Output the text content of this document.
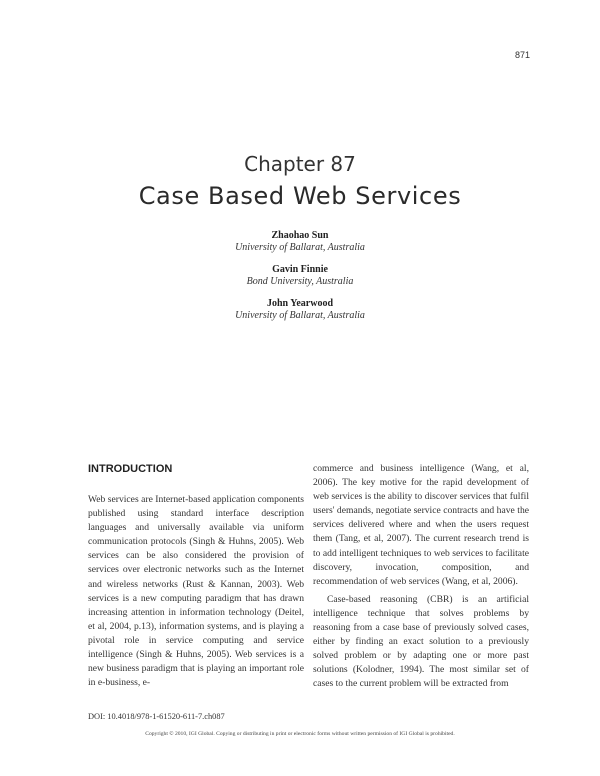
871
Chapter 87
Case Based Web Services
Zhaohao Sun
University of Ballarat, Australia
Gavin Finnie
Bond University, Australia
John Yearwood
University of Ballarat, Australia
INTRODUCTION

Web services are Internet-based application components published using standard interface description languages and universally available via uniform communication protocols (Singh & Huhns, 2005). Web services can be also considered the provision of services over electronic networks such as the Internet and wireless networks (Rust & Kannan, 2003). Web services is a new computing paradigm that has drawn increasing attention in information technology (Deitel, et al, 2004, p.13), information systems, and is playing a pivotal role in service computing and service intelligence (Singh & Huhns, 2005). Web services is a new business paradigm that is playing an important role in e-business, e-

commerce and business intelligence (Wang, et al, 2006). The key motive for the rapid development of web services is the ability to discover services that fulfil users' demands, negotiate service contracts and have the services delivered where and when the users request them (Tang, et al, 2007). The current research trend is to add intelligent techniques to web services to facilitate discovery, invocation, composition, and recommendation of web services (Wang, et al, 2006).

Case-based reasoning (CBR) is an artificial intelligence technique that solves problems by reasoning from a case base of previously solved cases, either by finding an exact solution to a previously solved problem or by adapting one or more past solutions (Kolodner, 1994). The most similar set of cases to the current problem will be extracted from

DOI: 10.4018/978-1-61520-611-7.ch087
Copyright © 2010, IGI Global. Copying or distributing in print or electronic forms without written permission of IGI Global is prohibited.
